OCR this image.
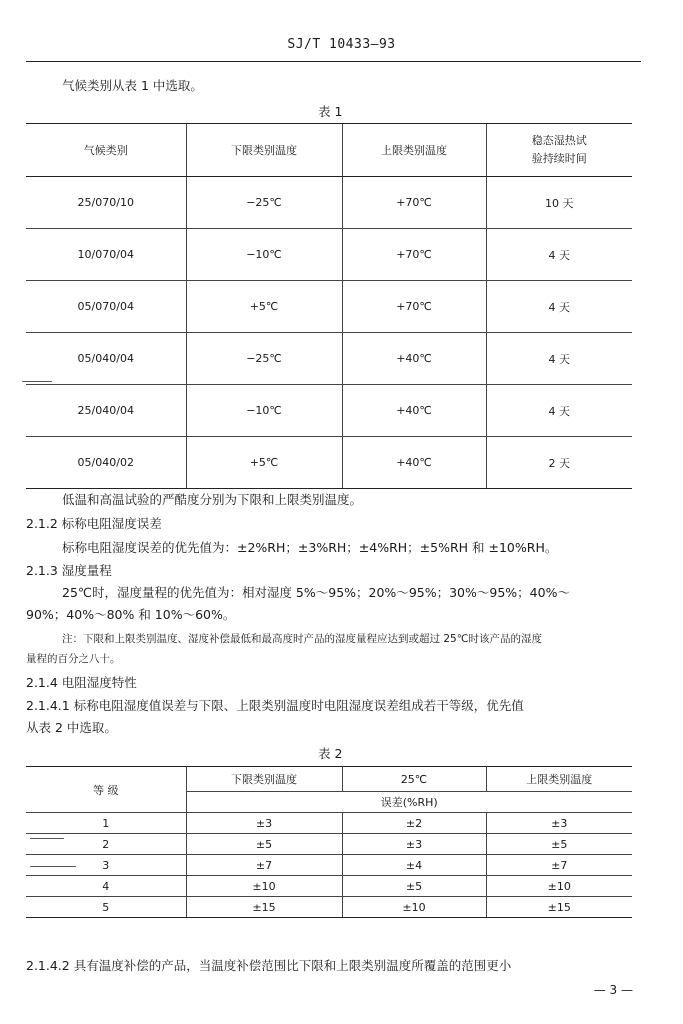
SJ/T 10433—93
气候类别从表 1 中选取。
表 1
气候类别	下限类别温度	上限类别温度	稳态湿热试
验持续时间
25/070/10	−25℃	+70℃	10 天
10/070/04	−10℃	+70℃	4 天
05/070/04	+5℃	+70℃	4 天
05/040/04	−25℃	+40℃	4 天
25/040/04	−10℃	+40℃	4 天
05/040/02	+5℃	+40℃	2 天
低温和高温试验的严酷度分别为下限和上限类别温度。
2.1.2 标称电阻湿度误差
标称电阻湿度误差的优先值为：±2%RH；±3%RH；±4%RH；±5%RH 和 ±10%RH。
2.1.3 湿度量程
25℃时，湿度量程的优先值为：相对湿度 5%～95%；20%～95%；30%～95%；40%～
90%；40%～80% 和 10%～60%。
注：下限和上限类别温度、湿度补偿最低和最高度时产品的湿度量程应达到或超过 25℃时该产品的湿度
量程的百分之八十。
2.1.4 电阻湿度特性
2.1.4.1 标称电阻湿度值误差与下限、上限类别温度时电阻湿度误差组成若干等级，优先值
从表 2 中选取。
表 2
等 级	下限类别温度	25℃	上限类别温度
	误差(%RH)		
1	±3	±2	±3
2	±5	±3	±5
3	±7	±4	±7
4	±10	±5	±10
5	±15	±10	±15
2.1.4.2 具有温度补偿的产品，当温度补偿范围比下限和上限类别温度所覆盖的范围更小
— 3 —
